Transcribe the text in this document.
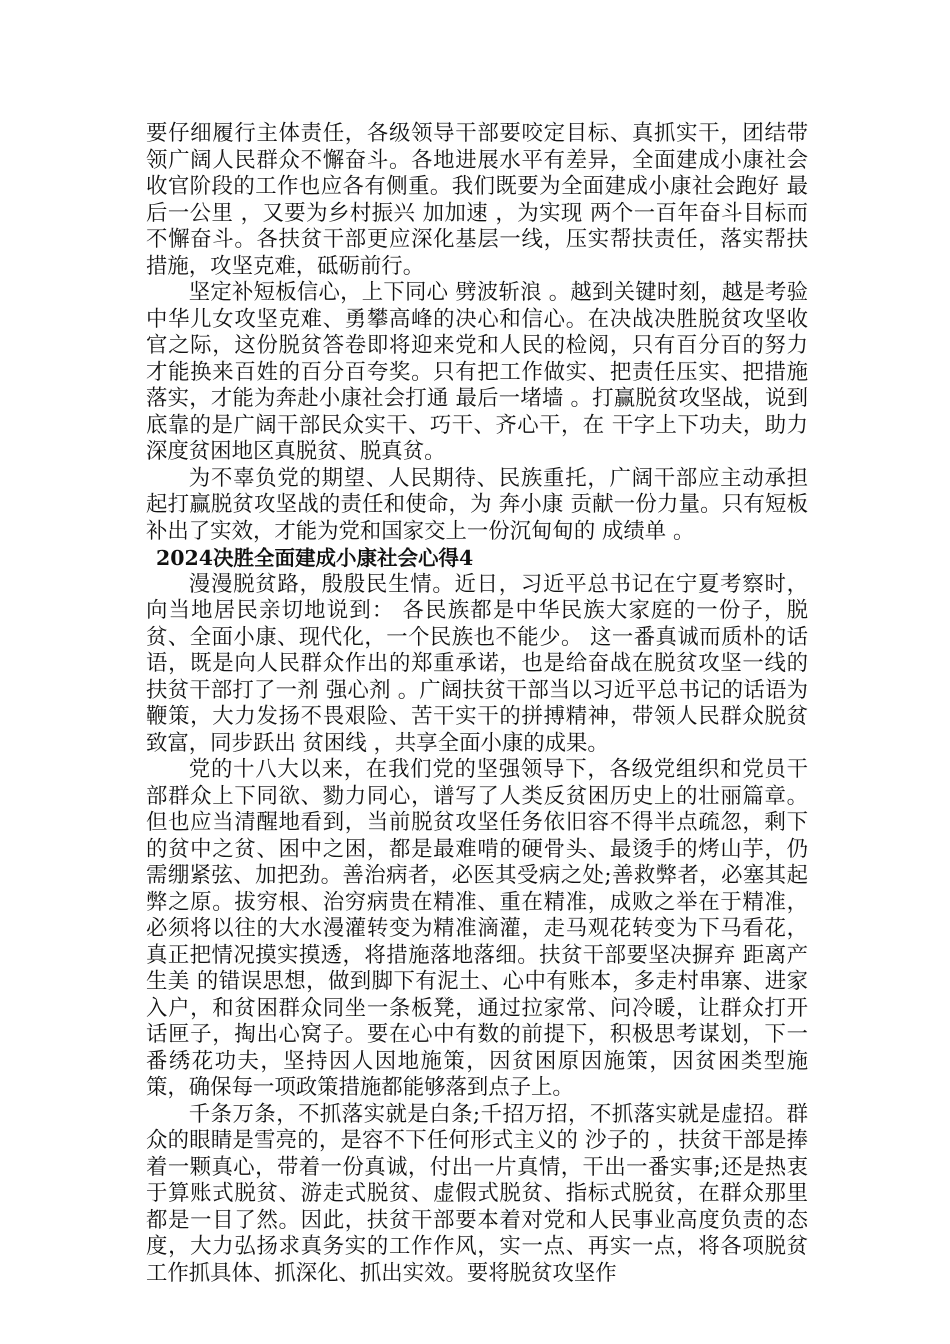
要仔细履行主体责任，各级领导干部要咬定目标、真抓实干，团结带领广阔人民群众不懈奋斗。各地进展水平有差异，全面建成小康社会收官阶段的工作也应各有侧重。我们既要为全面建成小康社会跑好 最后一公里 ，又要为乡村振兴 加加速 ，为实现 两个一百年奋斗目标而不懈奋斗。各扶贫干部更应深化基层一线，压实帮扶责任，落实帮扶措施，攻坚克难，砥砺前行。

坚定补短板信心，上下同心 劈波斩浪 。越到关键时刻，越是考验中华儿女攻坚克难、勇攀高峰的决心和信心。在决战决胜脱贫攻坚收官之际，这份脱贫答卷即将迎来党和人民的检阅，只有百分百的努力才能换来百姓的百分百夸奖。只有把工作做实、把责任压实、把措施落实，才能为奔赴小康社会打通 最后一堵墙 。打赢脱贫攻坚战，说到底靠的是广阔干部民众实干、巧干、齐心干，在 干字上下功夫，助力深度贫困地区真脱贫、脱真贫。

为不辜负党的期望、人民期待、民族重托，广阔干部应主动承担起打赢脱贫攻坚战的责任和使命，为 奔小康 贡献一份力量。只有短板补出了实效，才能为党和国家交上一份沉甸甸的 成绩单 。

2024决胜全面建成小康社会心得4

漫漫脱贫路，殷殷民生情。近日，习近平总书记在宁夏考察时，向当地居民亲切地说到： 各民族都是中华民族大家庭的一份子，脱贫、全面小康、现代化，一个民族也不能少。 这一番真诚而质朴的话语，既是向人民群众作出的郑重承诺，也是给奋战在脱贫攻坚一线的扶贫干部打了一剂 强心剂 。广阔扶贫干部当以习近平总书记的话语为鞭策，大力发扬不畏艰险、苦干实干的拼搏精神，带领人民群众脱贫致富，同步跃出 贫困线 ，共享全面小康的成果。

党的十八大以来，在我们党的坚强领导下，各级党组织和党员干部群众上下同欲、勠力同心，谱写了人类反贫困历史上的壮丽篇章。但也应当清醒地看到，当前脱贫攻坚任务依旧容不得半点疏忽，剩下的贫中之贫、困中之困，都是最难啃的硬骨头、最烫手的烤山芋，仍需绷紧弦、加把劲。善治病者，必医其受病之处;善救弊者，必塞其起弊之原。拔穷根、治穷病贵在精准、重在精准，成败之举在于精准，必须将以往的大水漫灌转变为精准滴灌，走马观花转变为下马看花，真正把情况摸实摸透，将措施落地落细。扶贫干部要坚决摒弃 距离产生美 的错误思想，做到脚下有泥土、心中有账本，多走村串寨、进家入户，和贫困群众同坐一条板凳，通过拉家常、问冷暖，让群众打开话匣子，掏出心窝子。要在心中有数的前提下，积极思考谋划，下一番绣花功夫，坚持因人因地施策，因贫困原因施策，因贫困类型施策，确保每一项政策措施都能够落到点子上。

千条万条，不抓落实就是白条;千招万招，不抓落实就是虚招。群众的眼睛是雪亮的，是容不下任何形式主义的 沙子的 ，扶贫干部是捧着一颗真心，带着一份真诚，付出一片真情，干出一番实事;还是热衷于算账式脱贫、游走式脱贫、虚假式脱贫、指标式脱贫，在群众那里都是一目了然。因此，扶贫干部要本着对党和人民事业高度负责的态度，大力弘扬求真务实的工作作风，实一点、再实一点，将各项脱贫工作抓具体、抓深化、抓出实效。要将脱贫攻坚作
